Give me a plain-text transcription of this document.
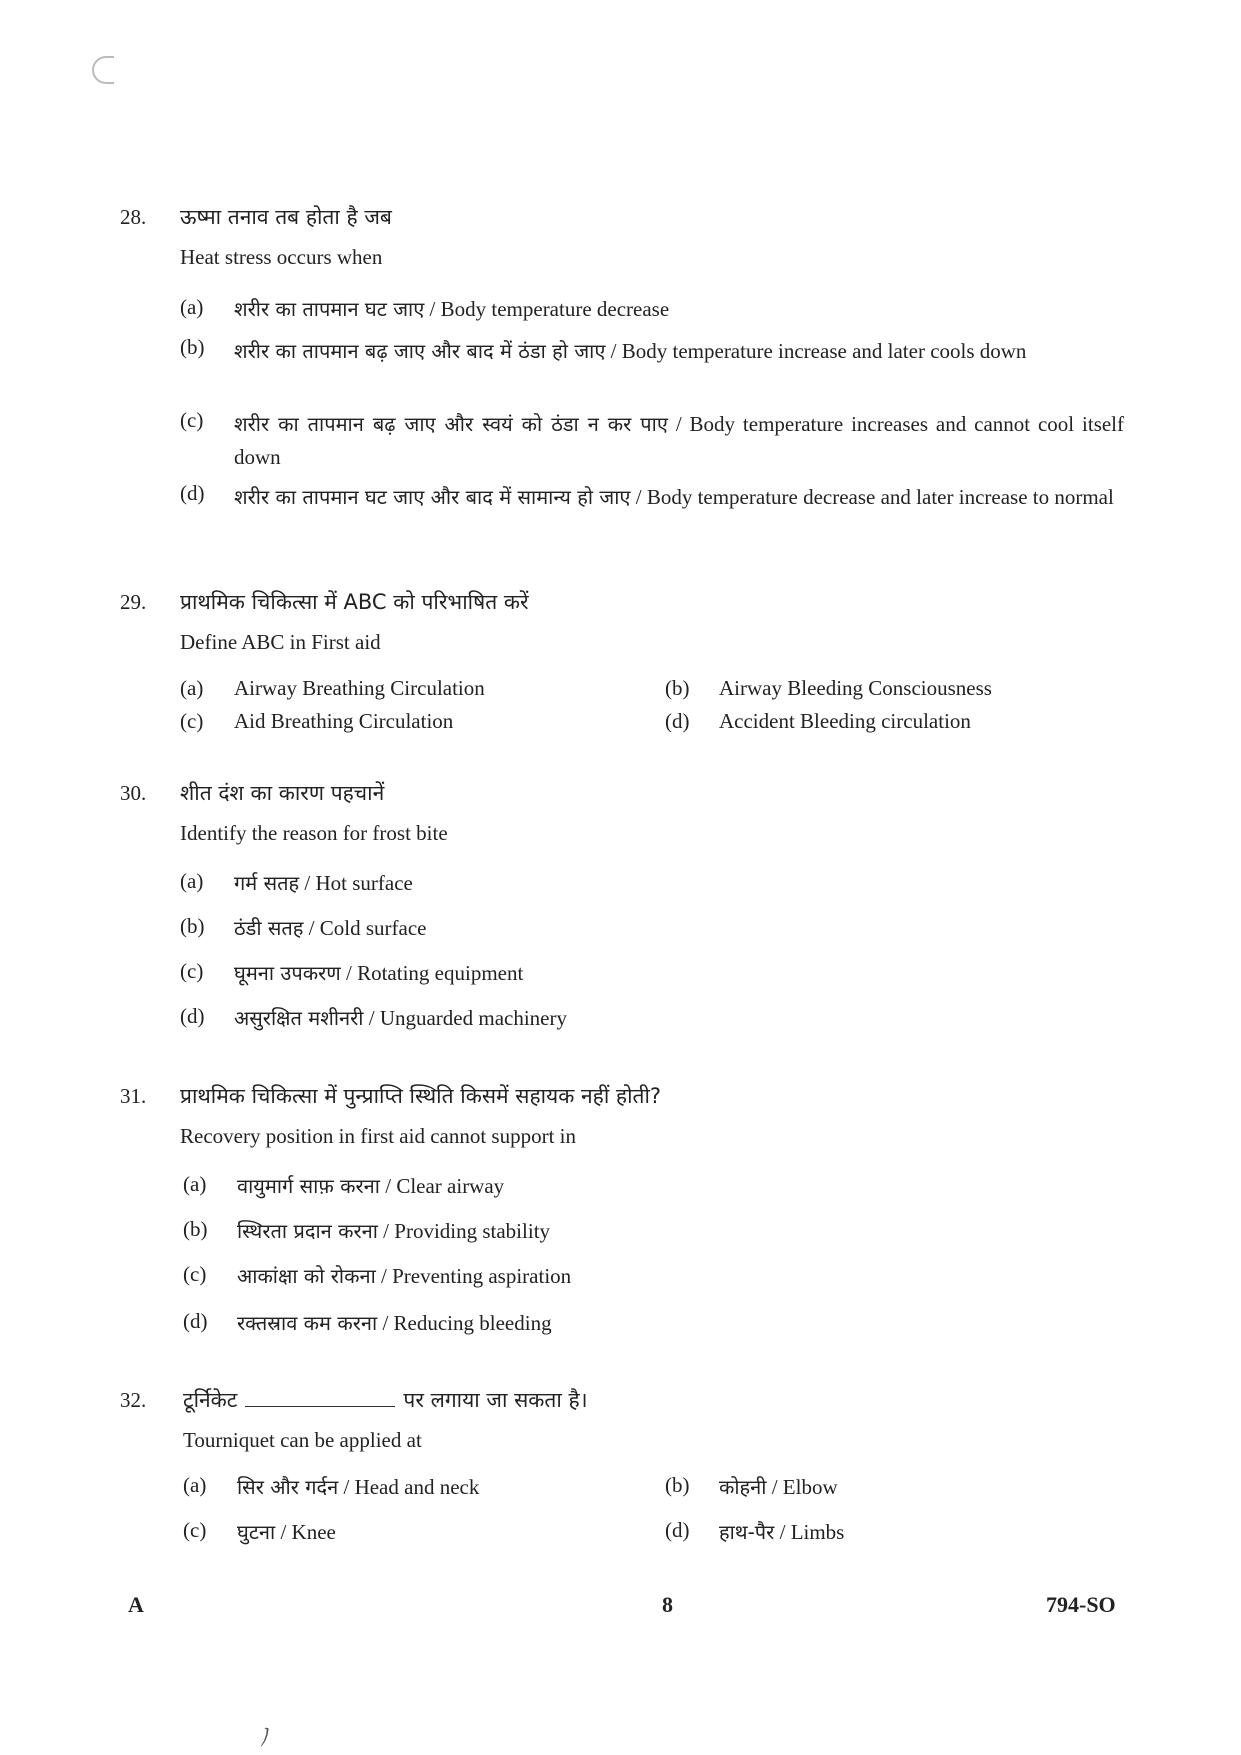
28. ऊष्मा तनाव तब होता है जब
Heat stress occurs when
(a) शरीर का तापमान घट जाए / Body temperature decrease
(b) शरीर का तापमान बढ़ जाए और बाद में ठंडा हो जाए / Body temperature increase and later cools down
(c) शरीर का तापमान बढ़ जाए और स्वयं को ठंडा न कर पाए / Body temperature increases and cannot cool itself down
(d) शरीर का तापमान घट जाए और बाद में सामान्य हो जाए / Body temperature decrease and later increase to normal
29. प्राथमिक चिकित्सा में ABC को परिभाषित करें
Define ABC in First aid
(a) Airway Breathing Circulation	(b) Airway Bleeding Consciousness
(c) Aid Breathing Circulation	(d) Accident Bleeding circulation
30. शीत दंश का कारण पहचानें
Identify the reason for frost bite
(a) गर्म सतह / Hot surface
(b) ठंडी सतह / Cold surface
(c) घूमना उपकरण / Rotating equipment
(d) असुरक्षित मशीनरी / Unguarded machinery
31. प्राथमिक चिकित्सा में पुन्प्राप्ति स्थिति किसमें सहायक नहीं होती?
Recovery position in first aid cannot support in
(a) वायुमार्ग साफ़ करना / Clear airway
(b) स्थिरता प्रदान करना / Providing stability
(c) आकांक्षा को रोकना / Preventing aspiration
(d) रक्तस्राव कम करना / Reducing bleeding
32. टूर्निकेट	पर लगाया जा सकता है।
Tourniquet can be applied at
(a) सिर और गर्दन / Head and neck	(b) कोहनी / Elbow
(c) घुटना / Knee	(d) हाथ-पैर / Limbs
A	8	794-SO
ノ
